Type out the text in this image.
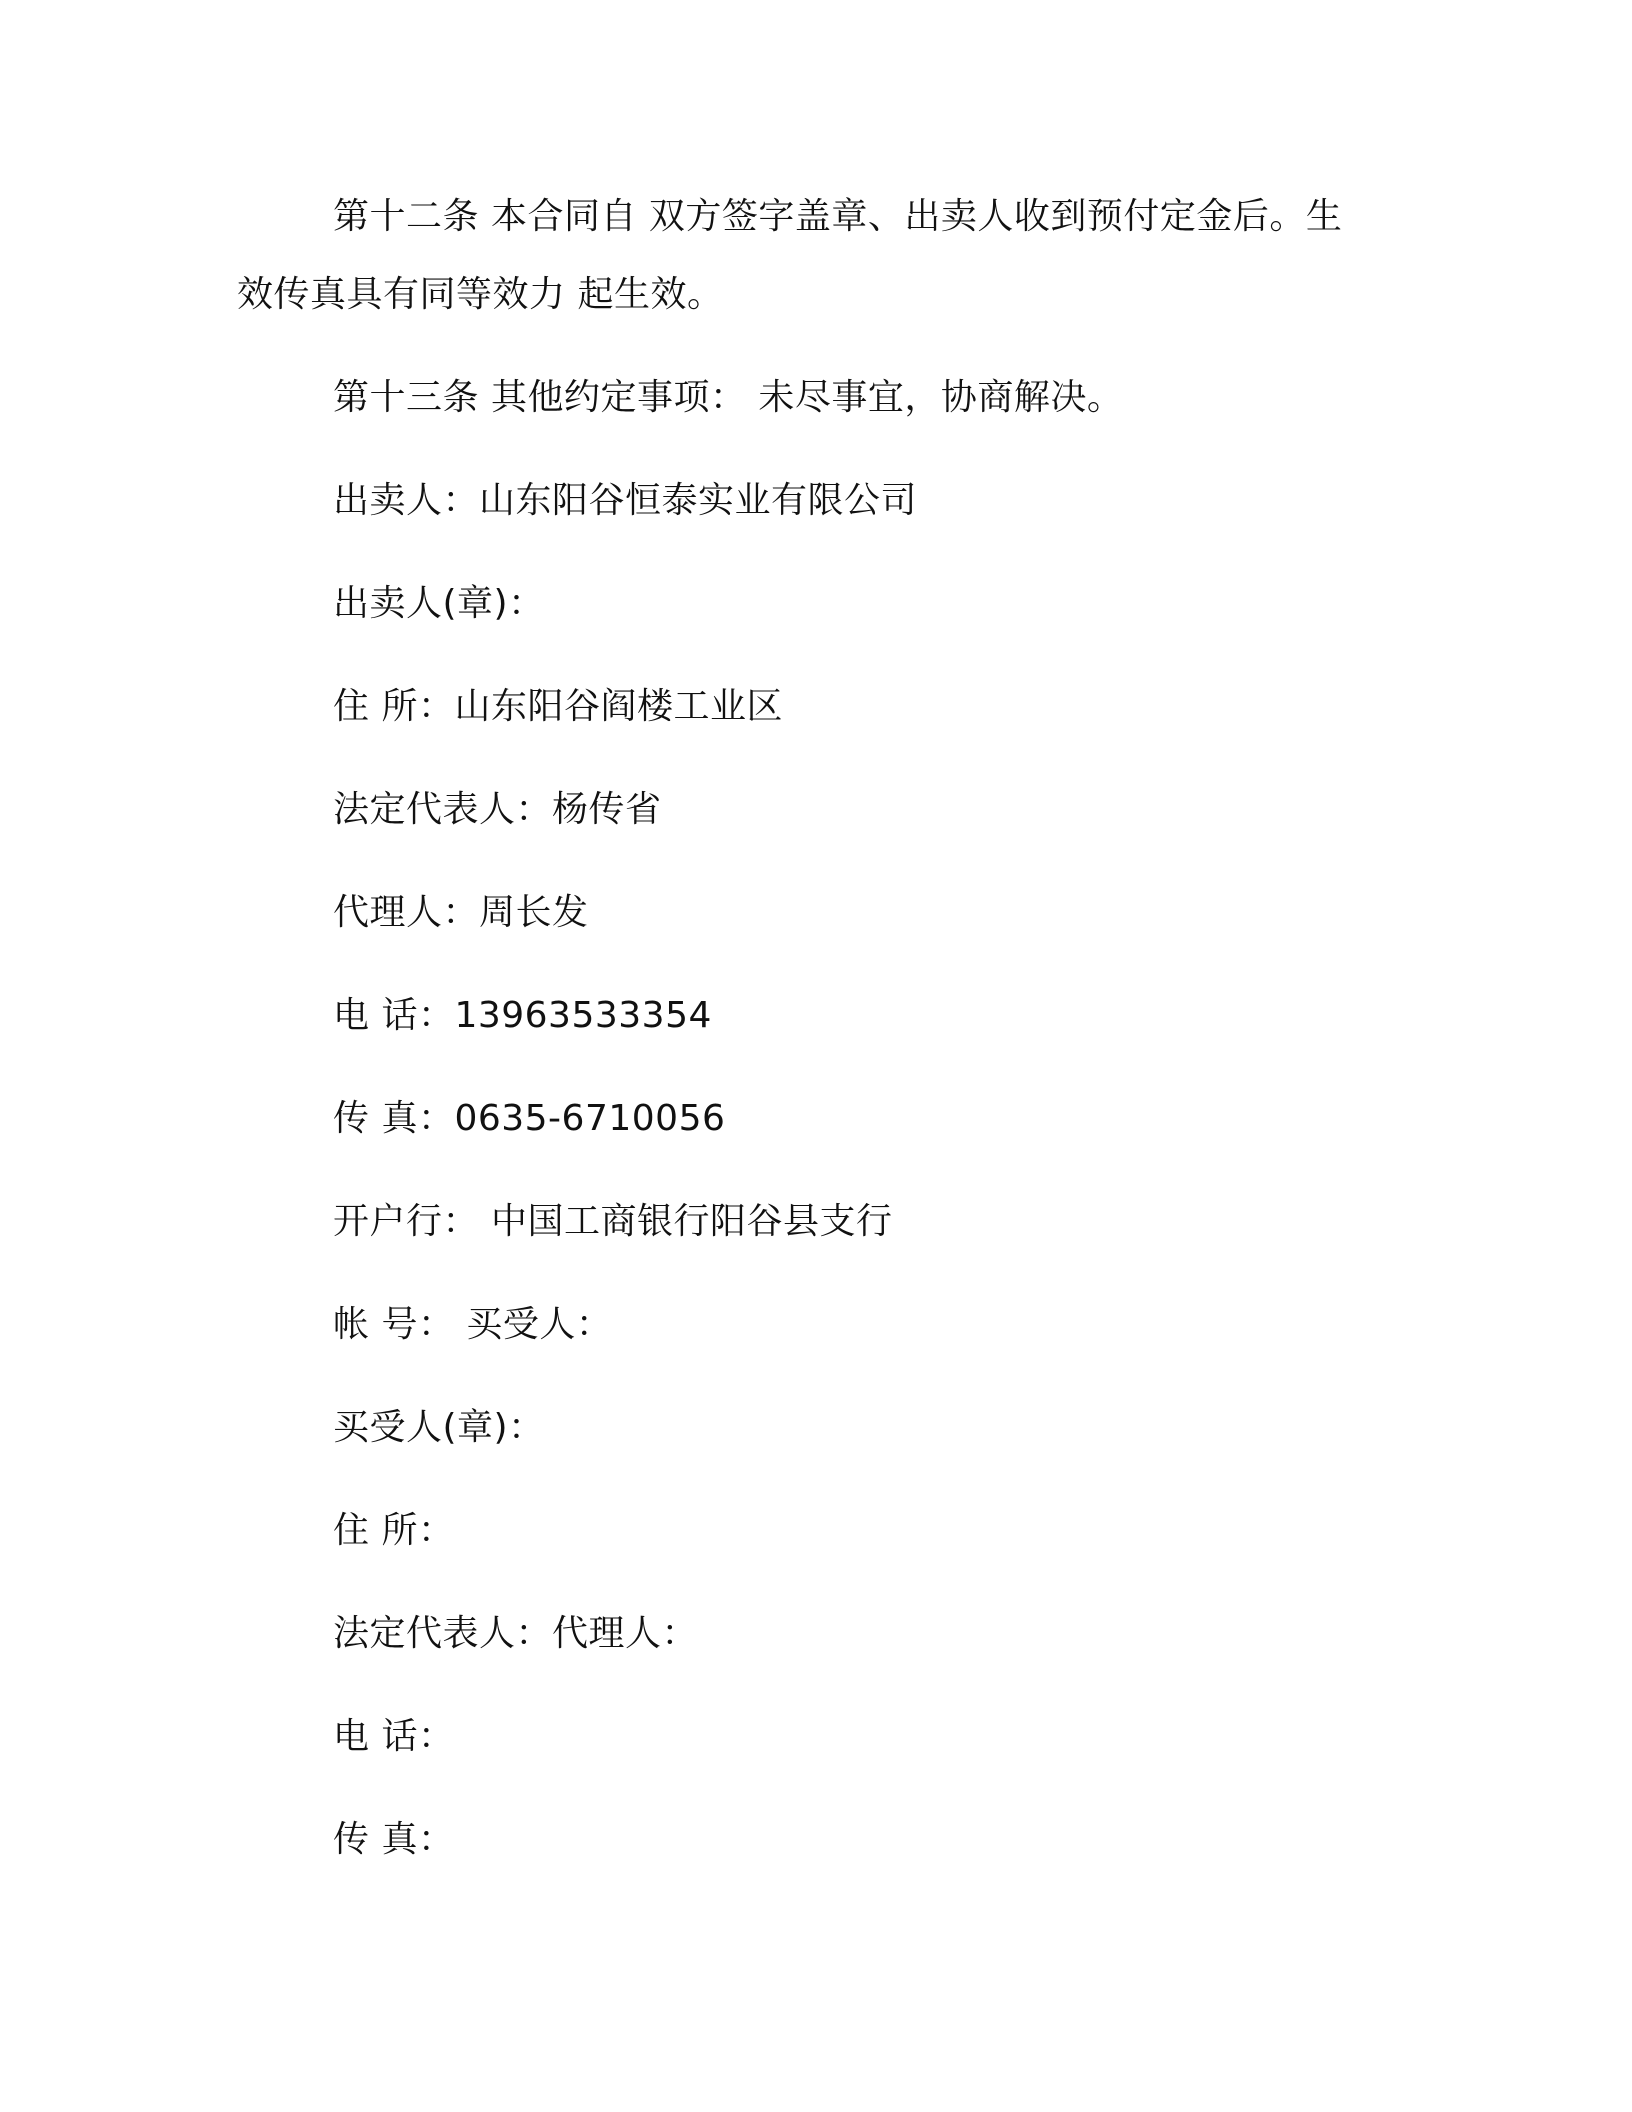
第十二条 本合同自 双方签字盖章、出卖人收到预付定金后。生
效传真具有同等效力 起生效。
第十三条 其他约定事项： 未尽事宜，协商解决。
出卖人：山东阳谷恒泰实业有限公司
出卖人(章)：
住 所：山东阳谷阎楼工业区
法定代表人：杨传省
代理人：周长发
电 话：13963533354
传 真：0635-6710056
开户行： 中国工商银行阳谷县支行
帐 号： 买受人：
买受人(章)：
住 所：
法定代表人：代理人：
电 话：
传 真：
